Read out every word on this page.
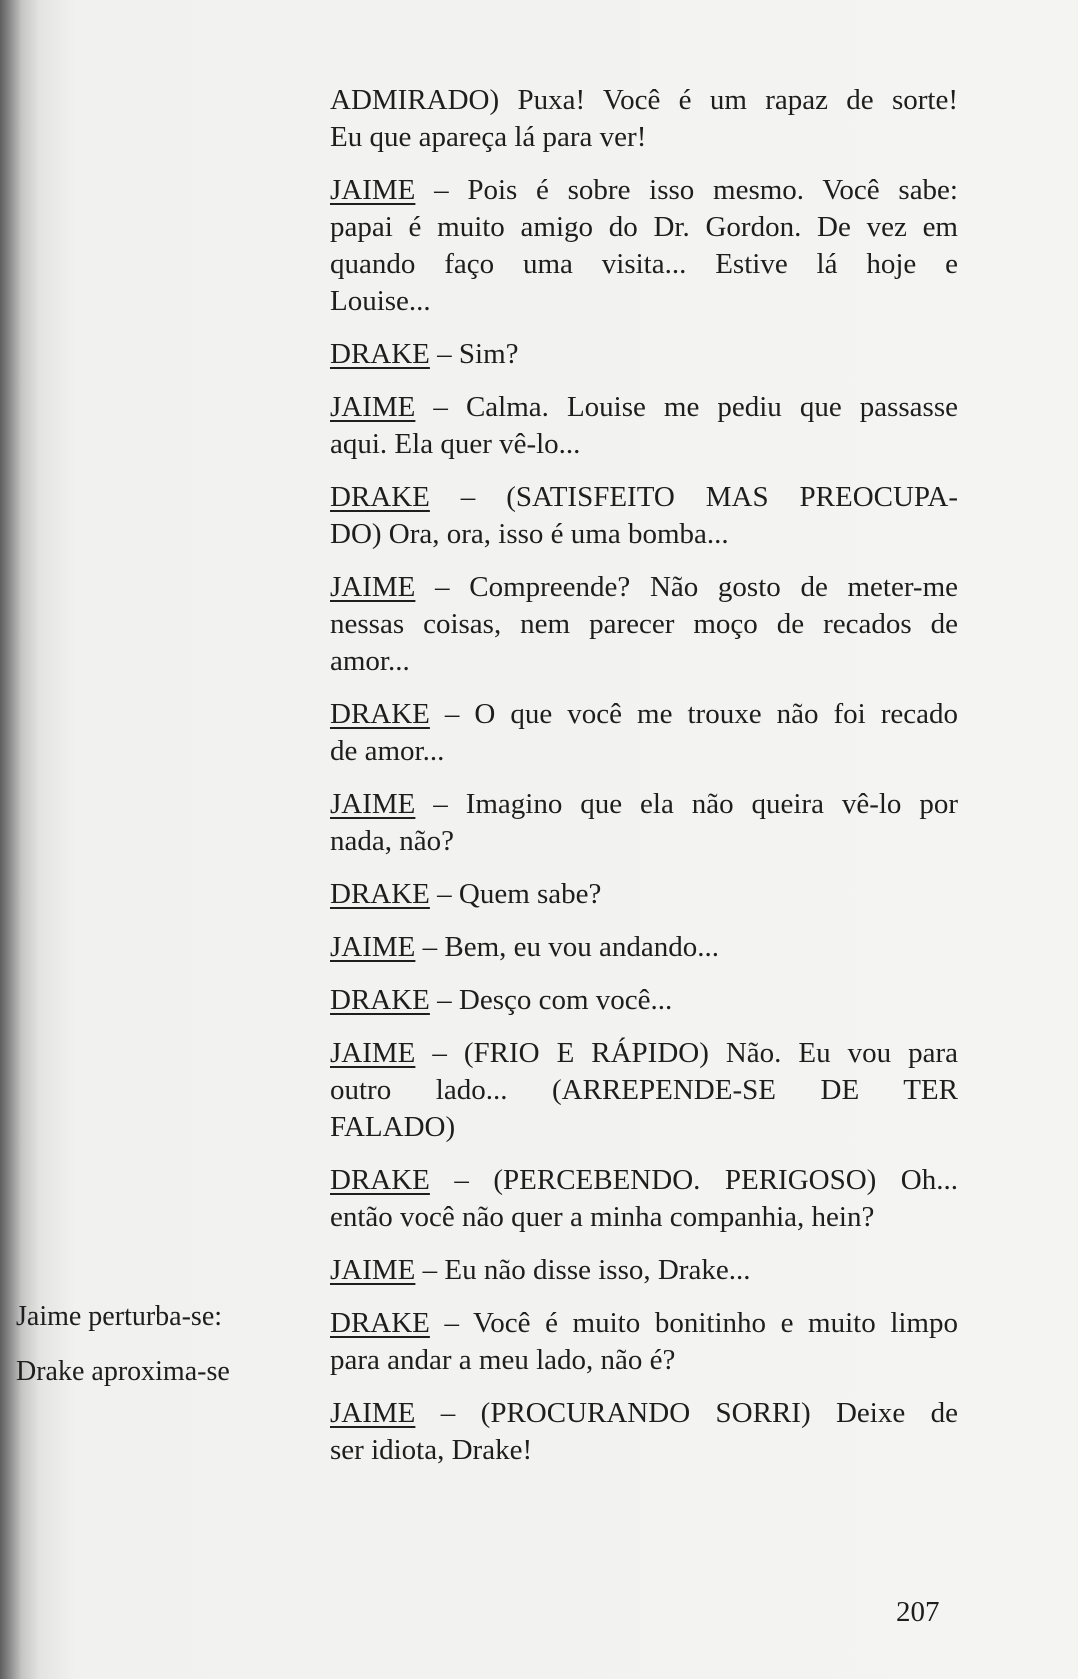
ADMIRADO) Puxa! Você é um rapaz de sorte!
Eu que apareça lá para ver!
JAIME – Pois é sobre isso mesmo. Você sabe:
papai é muito amigo do Dr. Gordon. De vez em
quando faço uma visita... Estive lá hoje e
Louise...
DRAKE – Sim?
JAIME – Calma. Louise me pediu que passasse
aqui. Ela quer vê-lo...
DRAKE – (SATISFEITO MAS PREOCUPA-
DO) Ora, ora, isso é uma bomba...
JAIME – Compreende? Não gosto de meter-me
nessas coisas, nem parecer moço de recados de
amor...
DRAKE – O que você me trouxe não foi recado
de amor...
JAIME – Imagino que ela não queira vê-lo por
nada, não?
DRAKE – Quem sabe?
JAIME – Bem, eu vou andando...
DRAKE – Desço com você...
JAIME – (FRIO E RÁPIDO) Não. Eu vou para
outro lado... (ARREPENDE-SE DE TER
FALADO)
DRAKE – (PERCEBENDO. PERIGOSO) Oh...
então você não quer a minha companhia, hein?
JAIME – Eu não disse isso, Drake...
DRAKE – Você é muito bonitinho e muito limpo
para andar a meu lado, não é?
JAIME – (PROCURANDO SORRI) Deixe de
ser idiota, Drake!
Jaime perturba-se:
Drake aproxima-se
207
